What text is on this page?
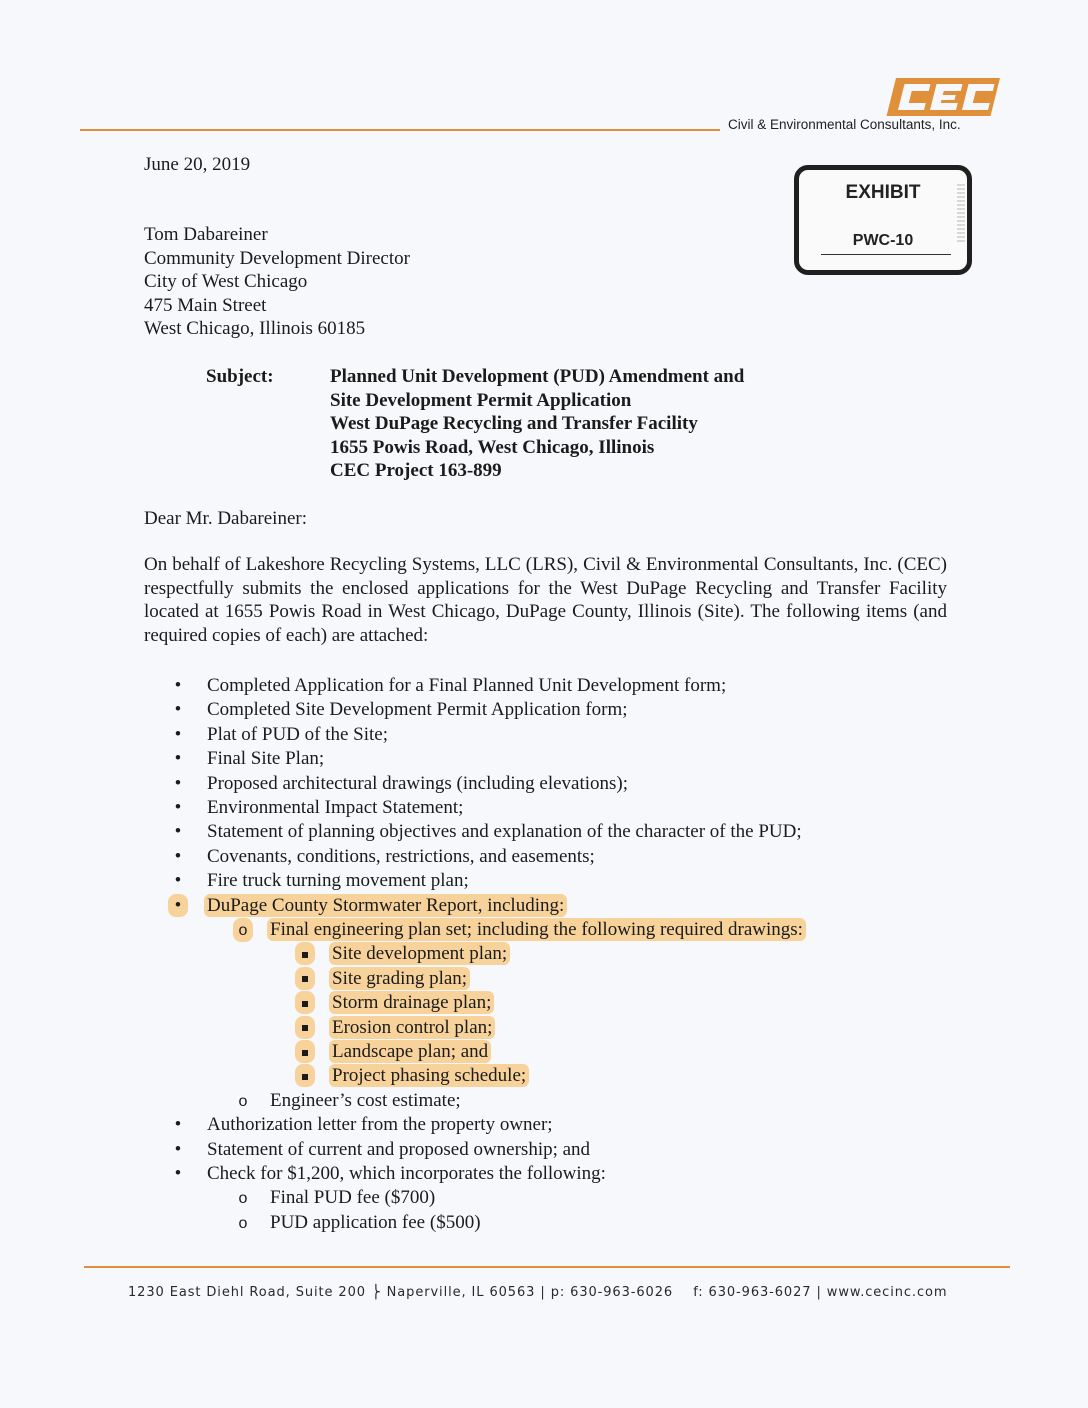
Civil & Environmental Consultants, Inc.
EXHIBIT
PWC-10
June 20, 2019
Tom Dabareiner
Community Development Director
City of West Chicago
475 Main Street
West Chicago, Illinois 60185
Subject:	Planned Unit Development (PUD) Amendment and
Site Development Permit Application
West DuPage Recycling and Transfer Facility
1655 Powis Road, West Chicago, Illinois
CEC Project 163-899
Dear Mr. Dabareiner:
On behalf of Lakeshore Recycling Systems, LLC (LRS), Civil & Environmental Consultants, Inc. (CEC) respectfully submits the enclosed applications for the West DuPage Recycling and Transfer Facility located at 1655 Powis Road in West Chicago, DuPage County, Illinois (Site). The following items (and required copies of each) are attached:
•	Completed Application for a Final Planned Unit Development form;
•	Completed Site Development Permit Application form;
•	Plat of PUD of the Site;
•	Final Site Plan;
•	Proposed architectural drawings (including elevations);
•	Environmental Impact Statement;
•	Statement of planning objectives and explanation of the character of the PUD;
•	Covenants, conditions, restrictions, and easements;
•	Fire truck turning movement plan;
•	DuPage County Stormwater Report, including:
o Final engineering plan set; including the following required drawings:
Site development plan;
Site grading plan;
Storm drainage plan;
Erosion control plan;
Landscape plan; and
Project phasing schedule;
o Engineer’s cost estimate;
•	Authorization letter from the property owner;
•	Statement of current and proposed ownership; and
•	Check for $1,200, which incorporates the following:
o Final PUD fee ($700)
o PUD application fee ($500)
1230 East Diehl Road, Suite 200 ⎬ Naperville, IL 60563 | p: 630-963-6026 f: 630-963-6027 | www.cecinc.com
